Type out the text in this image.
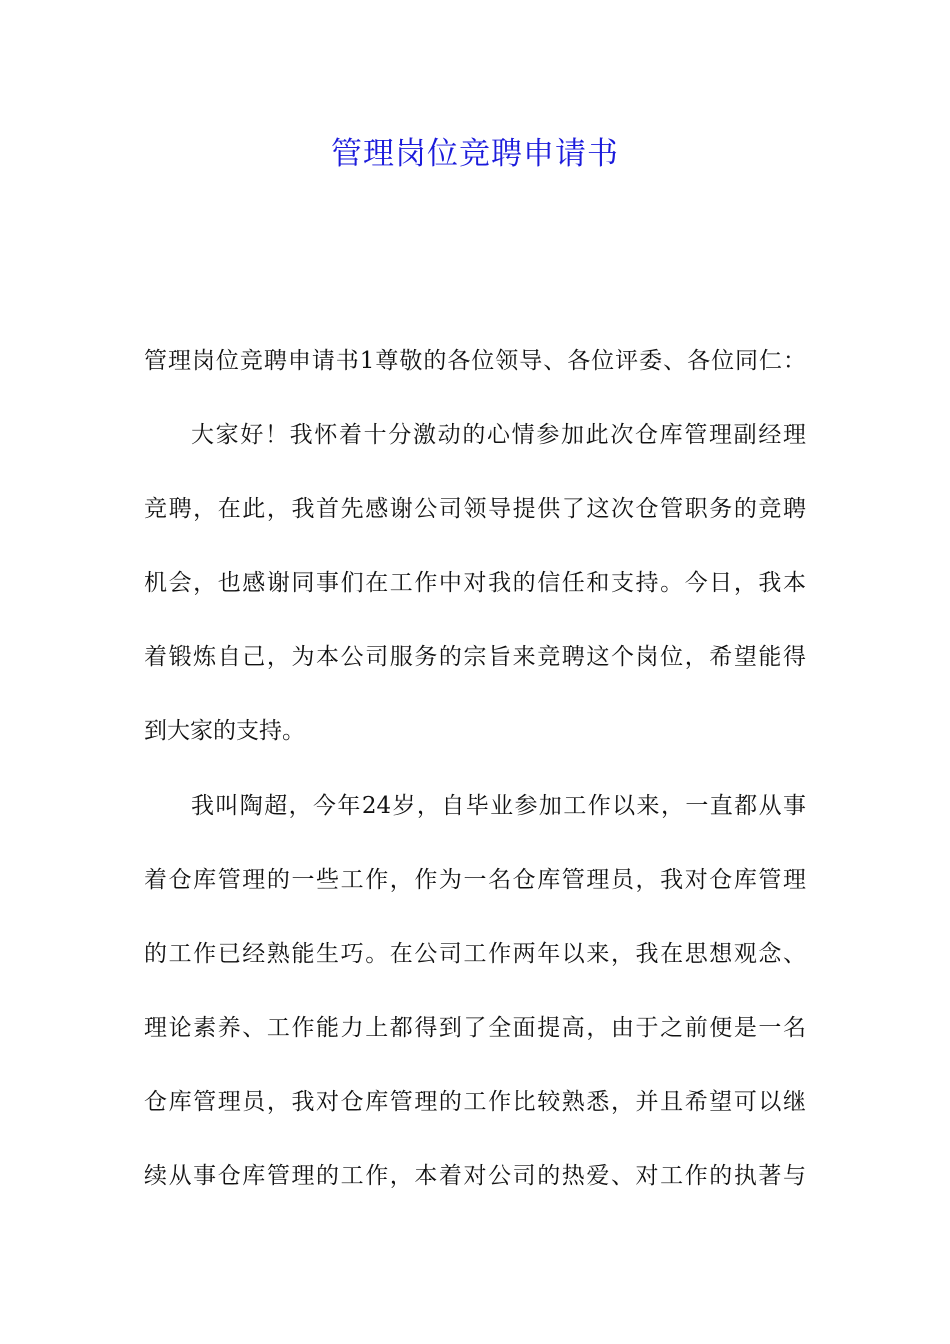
管理岗位竞聘申请书
管理岗位竞聘申请书1尊敬的各位领导、各位评委、各位同仁：
大家好！我怀着十分激动的心情参加此次仓库管理副经理
竞聘，在此，我首先感谢公司领导提供了这次仓管职务的竞聘
机会，也感谢同事们在工作中对我的信任和支持。今日，我本
着锻炼自己，为本公司服务的宗旨来竞聘这个岗位，希望能得
到大家的支持。
我叫陶超，今年24岁，自毕业参加工作以来，一直都从事
着仓库管理的一些工作，作为一名仓库管理员，我对仓库管理
的工作已经熟能生巧。在公司工作两年以来，我在思想观念、
理论素养、工作能力上都得到了全面提高，由于之前便是一名
仓库管理员，我对仓库管理的工作比较熟悉，并且希望可以继
续从事仓库管理的工作，本着对公司的热爱、对工作的执著与
